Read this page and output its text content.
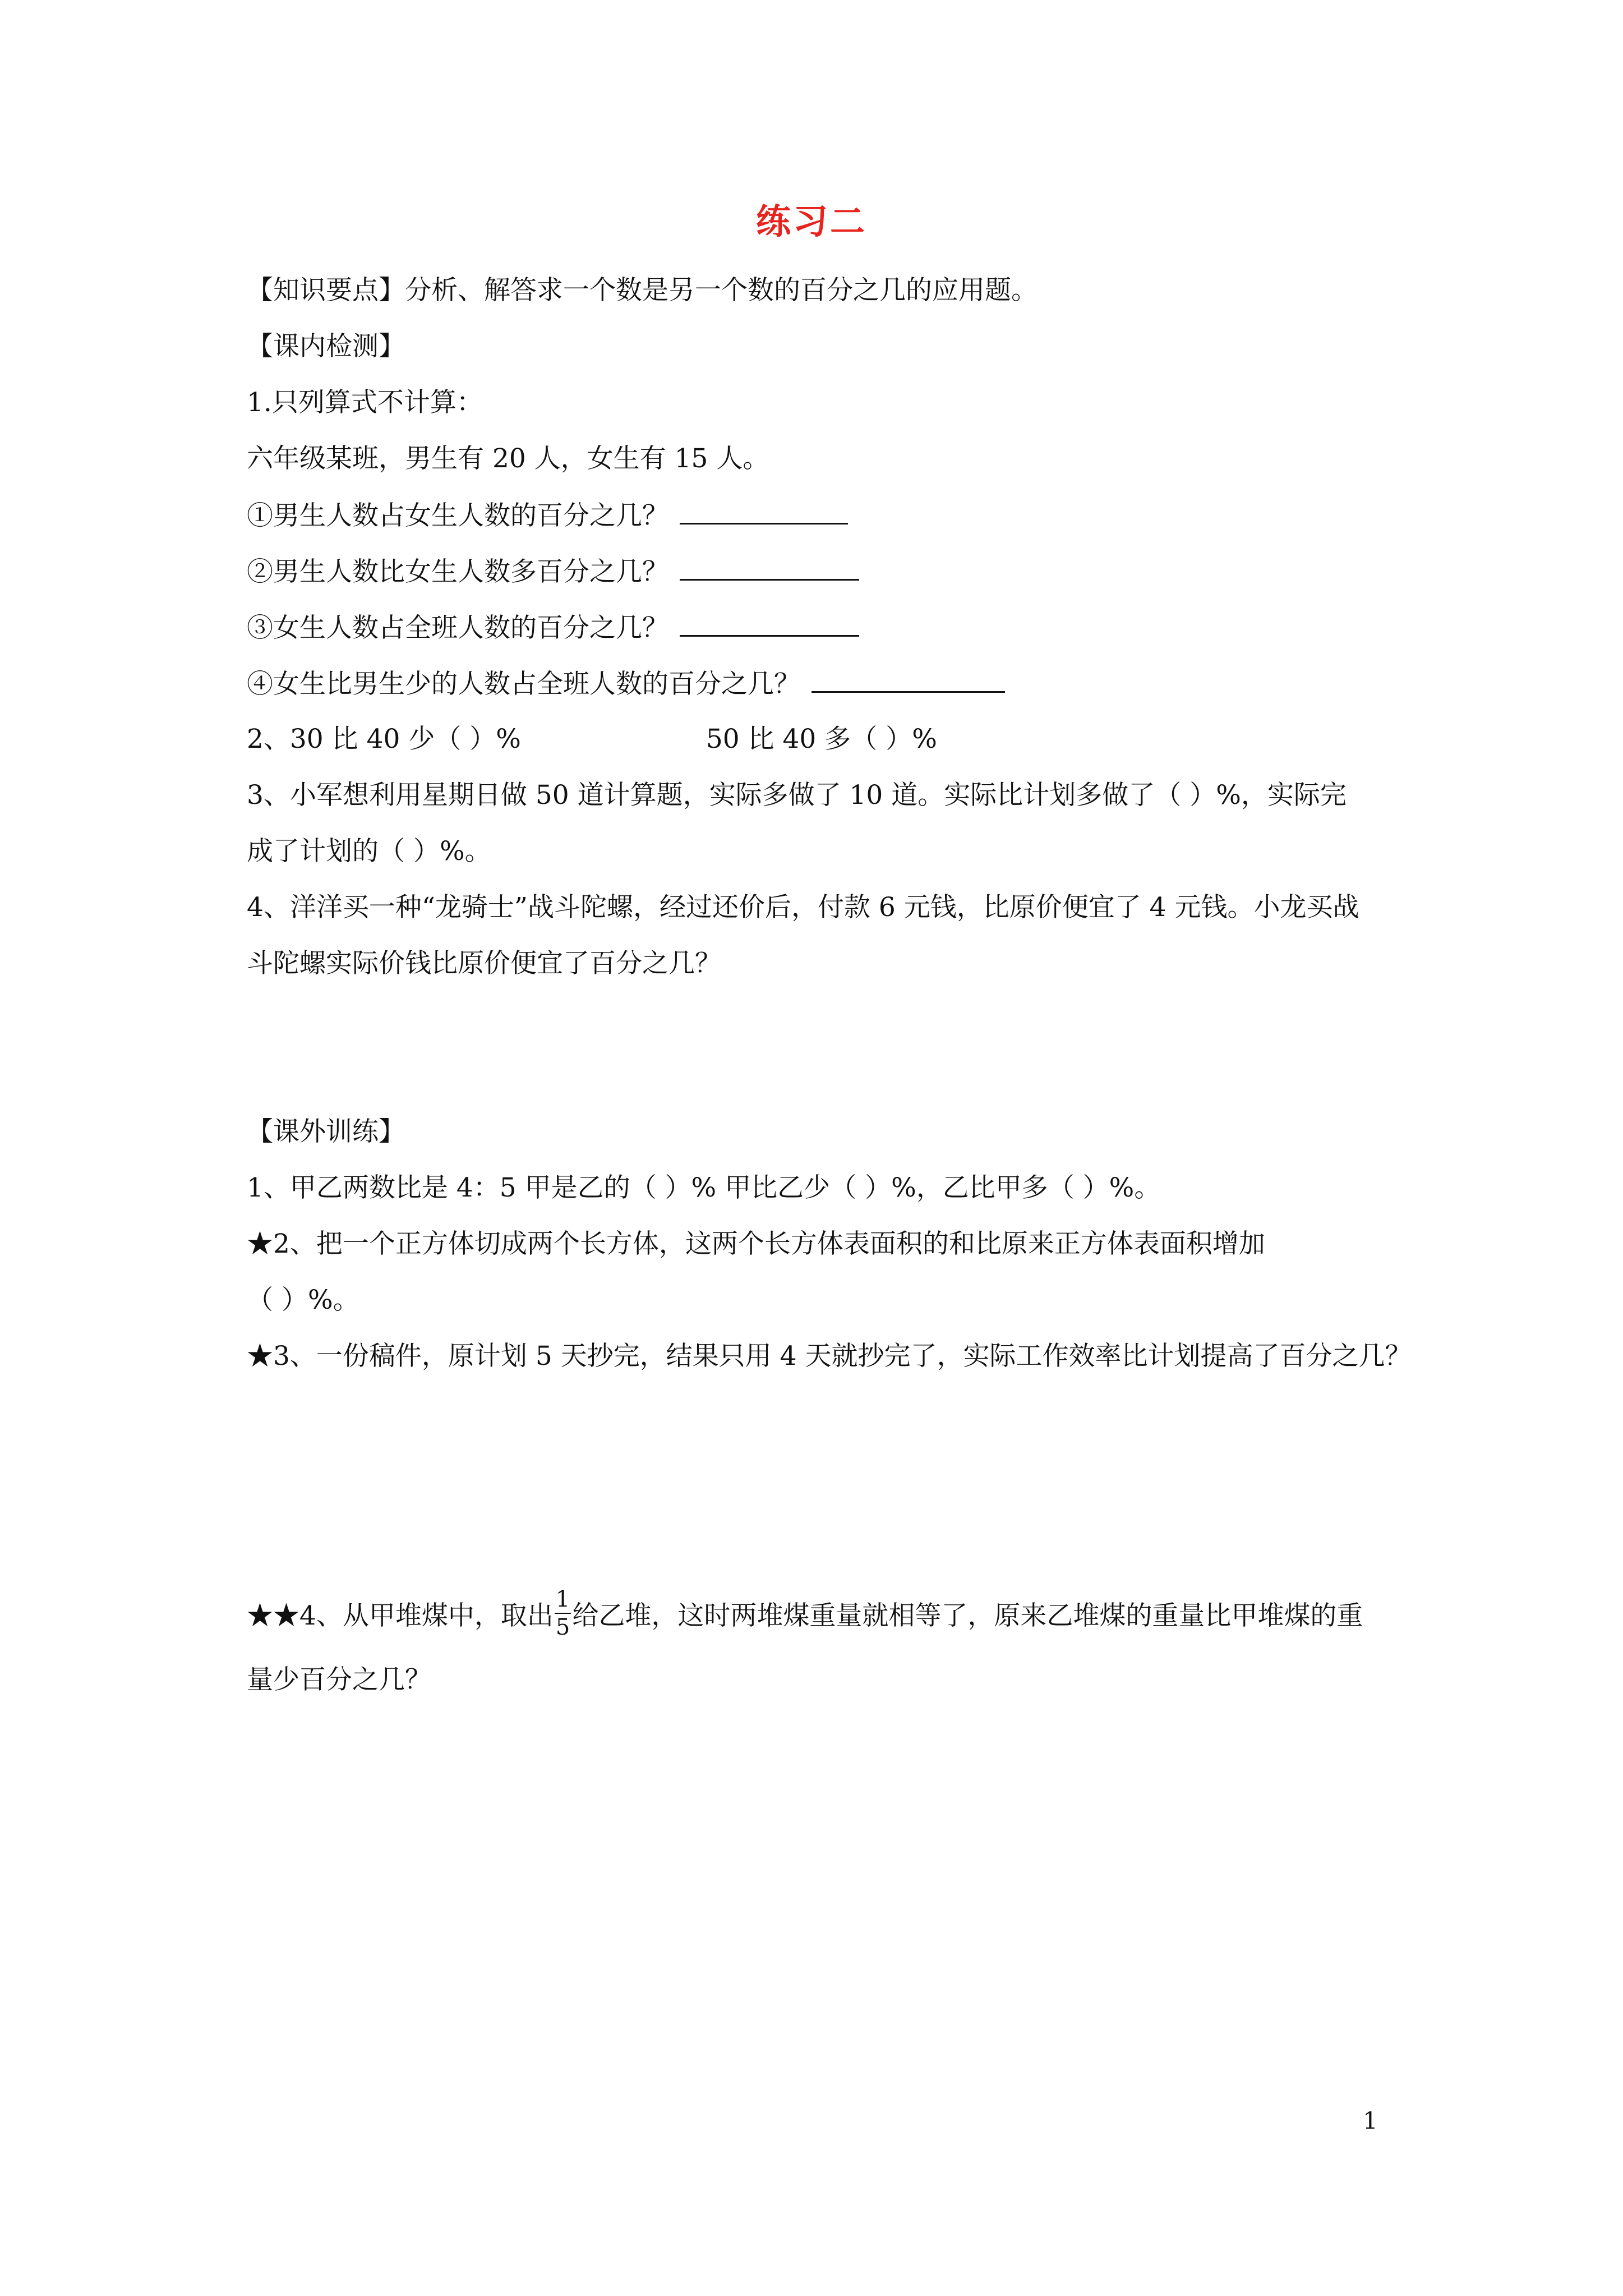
练习二
【知识要点】分析、解答求一个数是另一个数的百分之几的应用题。
【课内检测】
1.只列算式不计算：
六年级某班，男生有 20 人，女生有 15 人。
①男生人数占女生人数的百分之几？
②男生人数比女生人数多百分之几？
③女生人数占全班人数的百分之几？
④女生比男生少的人数占全班人数的百分之几？
2、30 比 40 少（ ）%	50 比 40 多（ ）%
3、小军想利用星期日做 50 道计算题，实际多做了 10 道。实际比计划多做了（ ）%，实际完
成了计划的（ ）%。
4、洋洋买一种“龙骑士”战斗陀螺，经过还价后，付款 6 元钱，比原价便宜了 4 元钱。小龙买战
斗陀螺实际价钱比原价便宜了百分之几？
【课外训练】
1、甲乙两数比是 4：5 甲是乙的（ ）% 甲比乙少（ ）%，乙比甲多（ ）%。
★2、把一个正方体切成两个长方体，这两个长方体表面积的和比原来正方体表面积增加
（ ）%。
★3、一份稿件，原计划 5 天抄完，结果只用 4 天就抄完了，实际工作效率比计划提高了百分之几？
★★4、从甲堆煤中，取出 $\frac{1}{5}$ 给乙堆，这时两堆煤重量就相等了，原来乙堆煤的重量比甲堆煤的重
量少百分之几？
1
